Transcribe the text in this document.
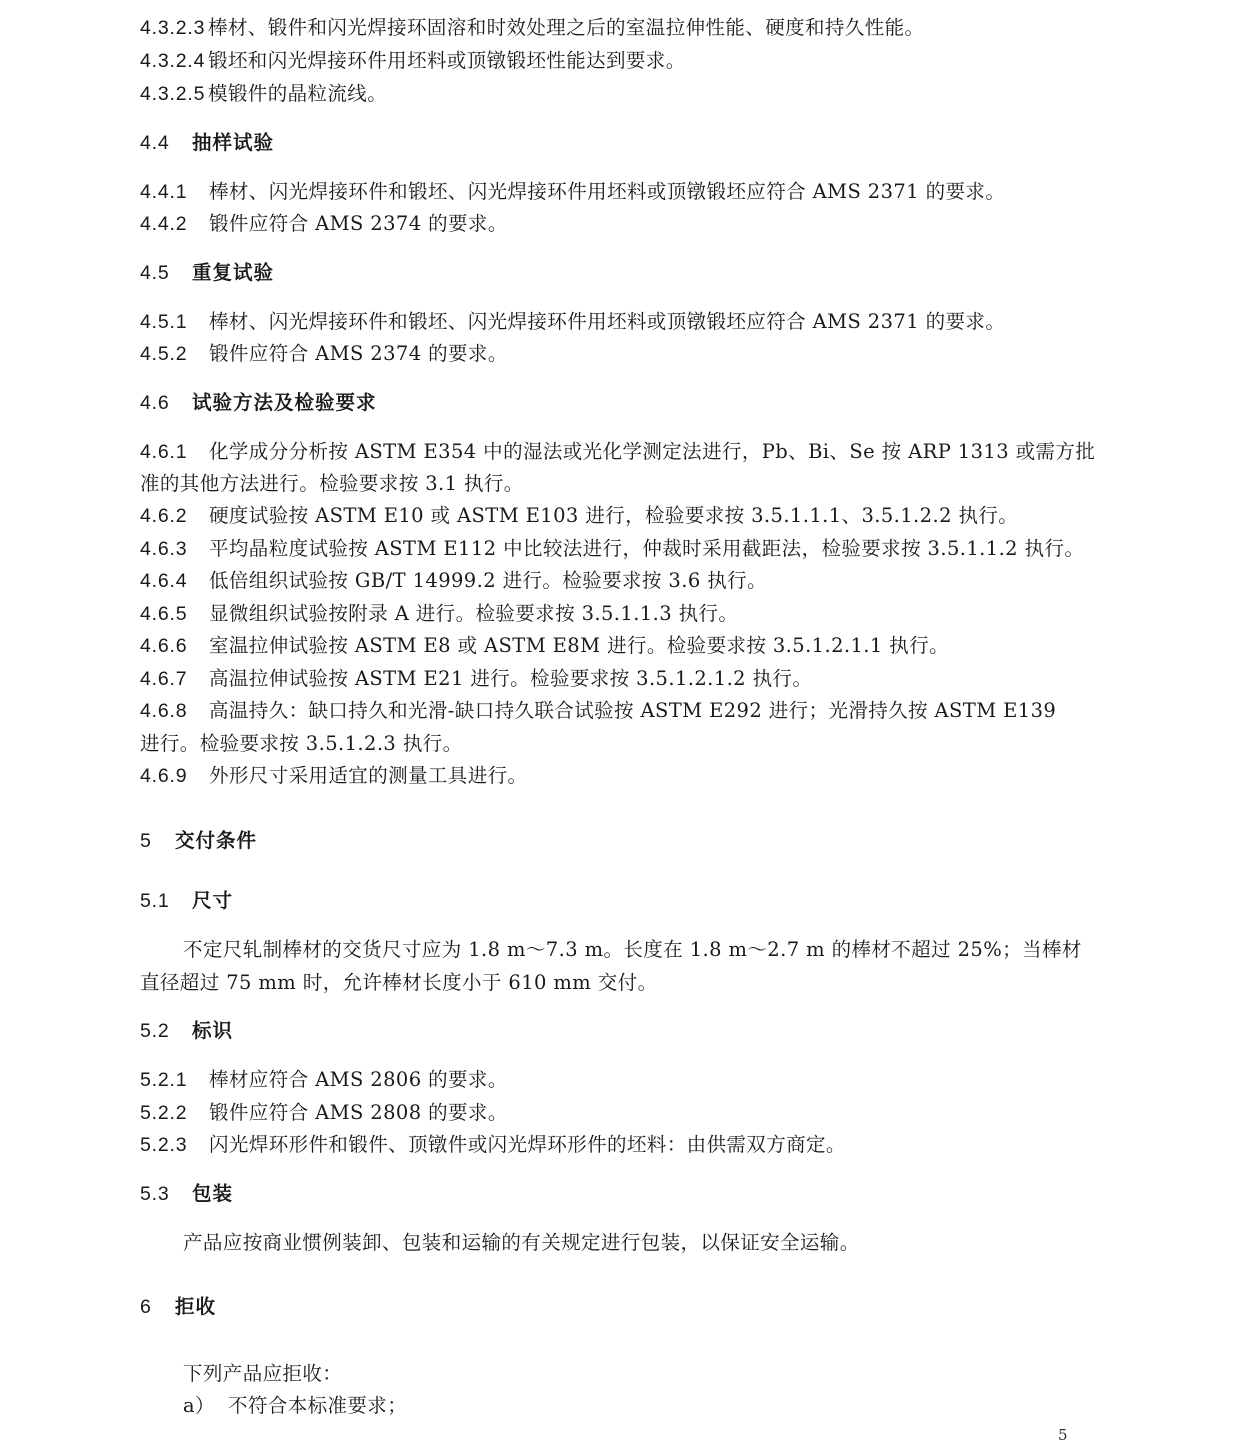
4.3.2.3 棒材、锻件和闪光焊接环固溶和时效处理之后的室温拉伸性能、硬度和持久性能。
4.3.2.4 锻坯和闪光焊接环件用坯料或顶镦锻坯性能达到要求。
4.3.2.5 模锻件的晶粒流线。
4.4 抽样试验
4.4.1 棒材、闪光焊接环件和锻坯、闪光焊接环件用坯料或顶镦锻坯应符合 AMS 2371 的要求。
4.4.2 锻件应符合 AMS 2374 的要求。
4.5 重复试验
4.5.1 棒材、闪光焊接环件和锻坯、闪光焊接环件用坯料或顶镦锻坯应符合 AMS 2371 的要求。
4.5.2 锻件应符合 AMS 2374 的要求。
4.6 试验方法及检验要求
4.6.1 化学成分分析按 ASTM E354 中的湿法或光化学测定法进行，Pb、Bi、Se 按 ARP 1313 或需方批
准的其他方法进行。检验要求按 3.1 执行。
4.6.2 硬度试验按 ASTM E10 或 ASTM E103 进行，检验要求按 3.5.1.1.1、3.5.1.2.2 执行。
4.6.3 平均晶粒度试验按 ASTM E112 中比较法进行，仲裁时采用截距法，检验要求按 3.5.1.1.2 执行。
4.6.4 低倍组织试验按 GB/T 14999.2 进行。检验要求按 3.6 执行。
4.6.5 显微组织试验按附录 A 进行。检验要求按 3.5.1.1.3 执行。
4.6.6 室温拉伸试验按 ASTM E8 或 ASTM E8M 进行。检验要求按 3.5.1.2.1.1 执行。
4.6.7 高温拉伸试验按 ASTM E21 进行。检验要求按 3.5.1.2.1.2 执行。
4.6.8 高温持久：缺口持久和光滑-缺口持久联合试验按 ASTM E292 进行；光滑持久按 ASTM E139
进行。检验要求按 3.5.1.2.3 执行。
4.6.9 外形尺寸采用适宜的测量工具进行。
5 交付条件
5.1 尺寸
不定尺轧制棒材的交货尺寸应为 1.8 m～7.3 m。长度在 1.8 m～2.7 m 的棒材不超过 25%；当棒材
直径超过 75 mm 时，允许棒材长度小于 610 mm 交付。
5.2 标识
5.2.1 棒材应符合 AMS 2806 的要求。
5.2.2 锻件应符合 AMS 2808 的要求。
5.2.3 闪光焊环形件和锻件、顶镦件或闪光焊环形件的坯料：由供需双方商定。
5.3 包装
产品应按商业惯例装卸、包装和运输的有关规定进行包装，以保证安全运输。
6 拒收
下列产品应拒收：
a） 不符合本标准要求；
5
